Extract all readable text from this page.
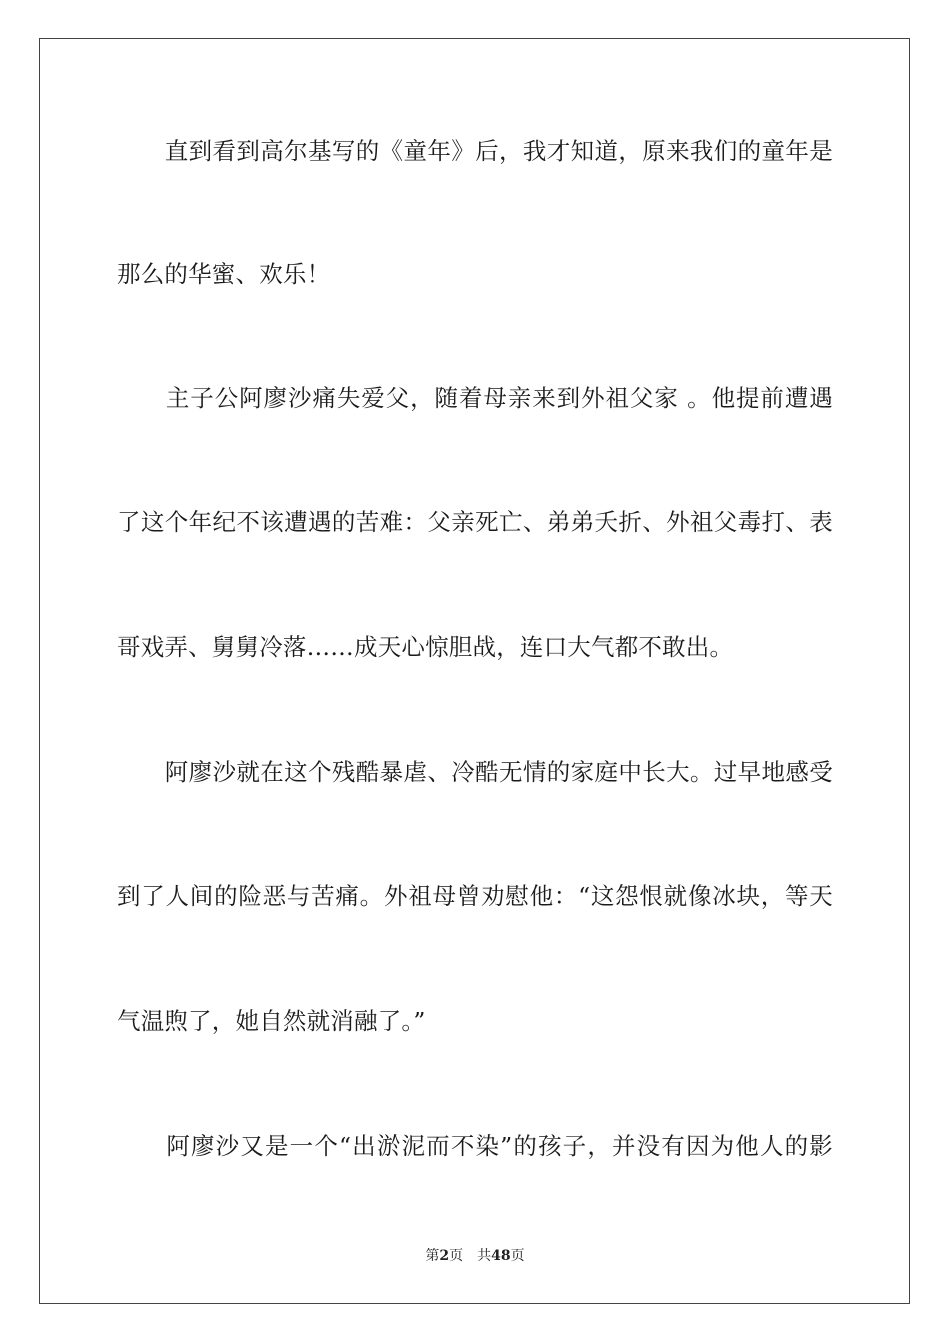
　　直到看到高尔基写的《童年》后，我才知道，原来我们的童年是
那么的华蜜、欢乐！
　　主子公阿廖沙痛失爱父，随着母亲来到外祖父家 。他提前遭遇
了这个年纪不该遭遇的苦难：父亲死亡、弟弟夭折、外祖父毒打、表
哥戏弄、舅舅冷落……成天心惊胆战，连口大气都不敢出。
　　阿廖沙就在这个残酷暴虐、冷酷无情的家庭中长大。过早地感受
到了人间的险恶与苦痛。外祖母曾劝慰他：“这怨恨就像冰块，等天
气温煦了，她自然就消融了。”
　　阿廖沙又是一个“出淤泥而不染”的孩子，并没有因为他人的影
第2页 共48页
